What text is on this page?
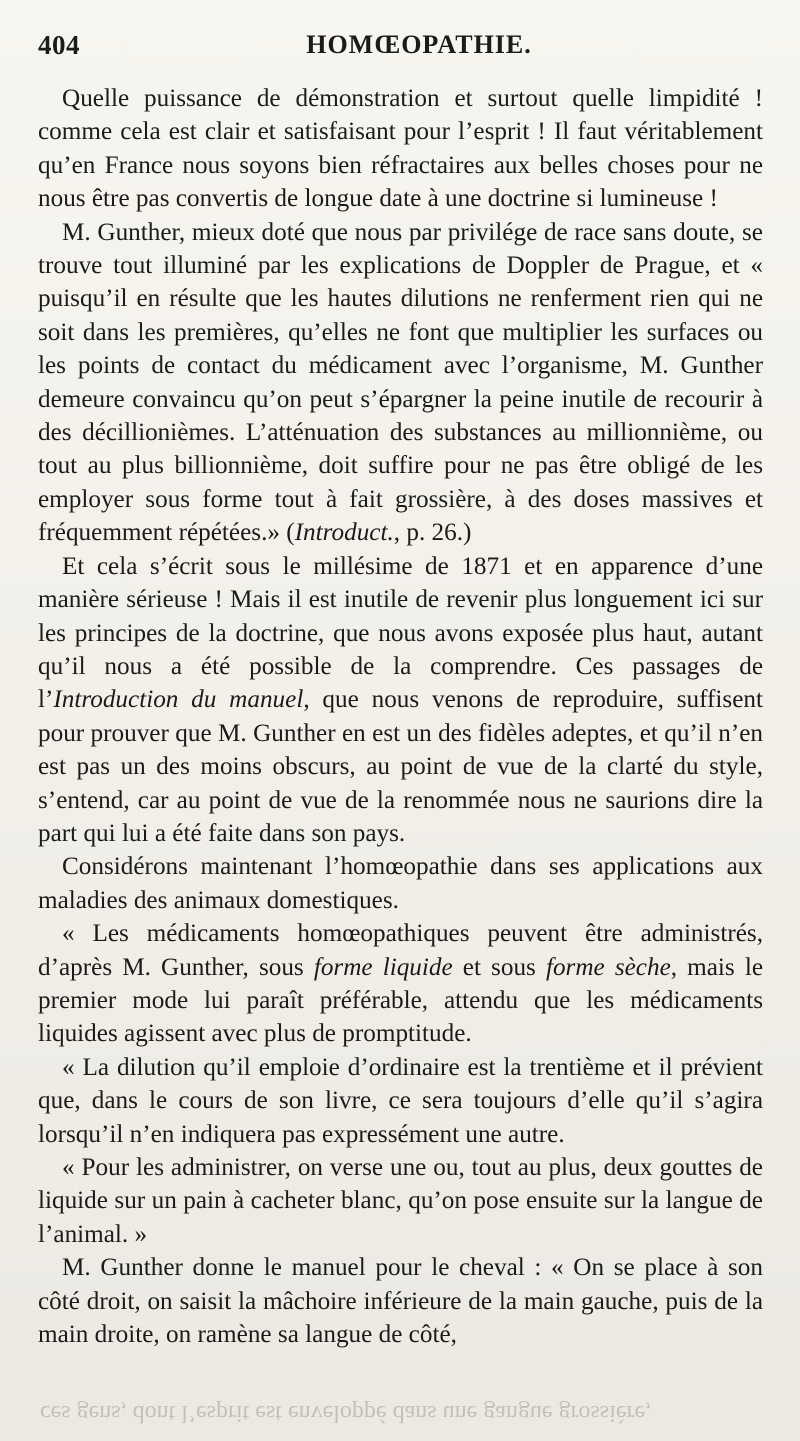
404	HOMŒOPATHIE.

Quelle puissance de démonstration et surtout quelle limpidité ! comme cela est clair et satisfaisant pour l’esprit ! Il faut véritablement qu’en France nous soyons bien réfractaires aux belles choses pour ne nous être pas convertis de longue date à une doctrine si lumineuse !

M. Gunther, mieux doté que nous par privilége de race sans doute, se trouve tout illuminé par les explications de Doppler de Prague, et « puisqu’il en résulte que les hautes dilutions ne renferment rien qui ne soit dans les premières, qu’elles ne font que multiplier les surfaces ou les points de contact du médicament avec l’organisme, M. Gunther demeure convaincu qu’on peut s’épargner la peine inutile de recourir à des décillionièmes. L’atténuation des substances au millionnième, ou tout au plus billionnième, doit suffire pour ne pas être obligé de les employer sous forme tout à fait grossière, à des doses massives et fréquemment répétées.» (Introduct., p. 26.)

Et cela s’écrit sous le millésime de 1871 et en apparence d’une manière sérieuse ! Mais il est inutile de revenir plus longuement ici sur les principes de la doctrine, que nous avons exposée plus haut, autant qu’il nous a été possible de la comprendre. Ces passages de l’Introduction du manuel, que nous venons de reproduire, suffisent pour prouver que M. Gunther en est un des fidèles adeptes, et qu’il n’en est pas un des moins obscurs, au point de vue de la clarté du style, s’entend, car au point de vue de la renommée nous ne saurions dire la part qui lui a été faite dans son pays.

Considérons maintenant l’homœopathie dans ses applications aux maladies des animaux domestiques.

« Les médicaments homœopathiques peuvent être administrés, d’après M. Gunther, sous forme liquide et sous forme sèche, mais le premier mode lui paraît préférable, attendu que les médicaments liquides agissent avec plus de promptitude.

« La dilution qu’il emploie d’ordinaire est la trentième et il prévient que, dans le cours de son livre, ce sera toujours d’elle qu’il s’agira lorsqu’il n’en indiquera pas expressément une autre.

« Pour les administrer, on verse une ou, tout au plus, deux gouttes de liquide sur un pain à cacheter blanc, qu’on pose ensuite sur la langue de l’animal. »

M. Gunther donne le manuel pour le cheval : « On se place à son côté droit, on saisit la mâchoire inférieure de la main gauche, puis de la main droite, on ramène sa langue de côté,

ces gens, dont l’esprit est enveloppé dans une gangue grossière,
